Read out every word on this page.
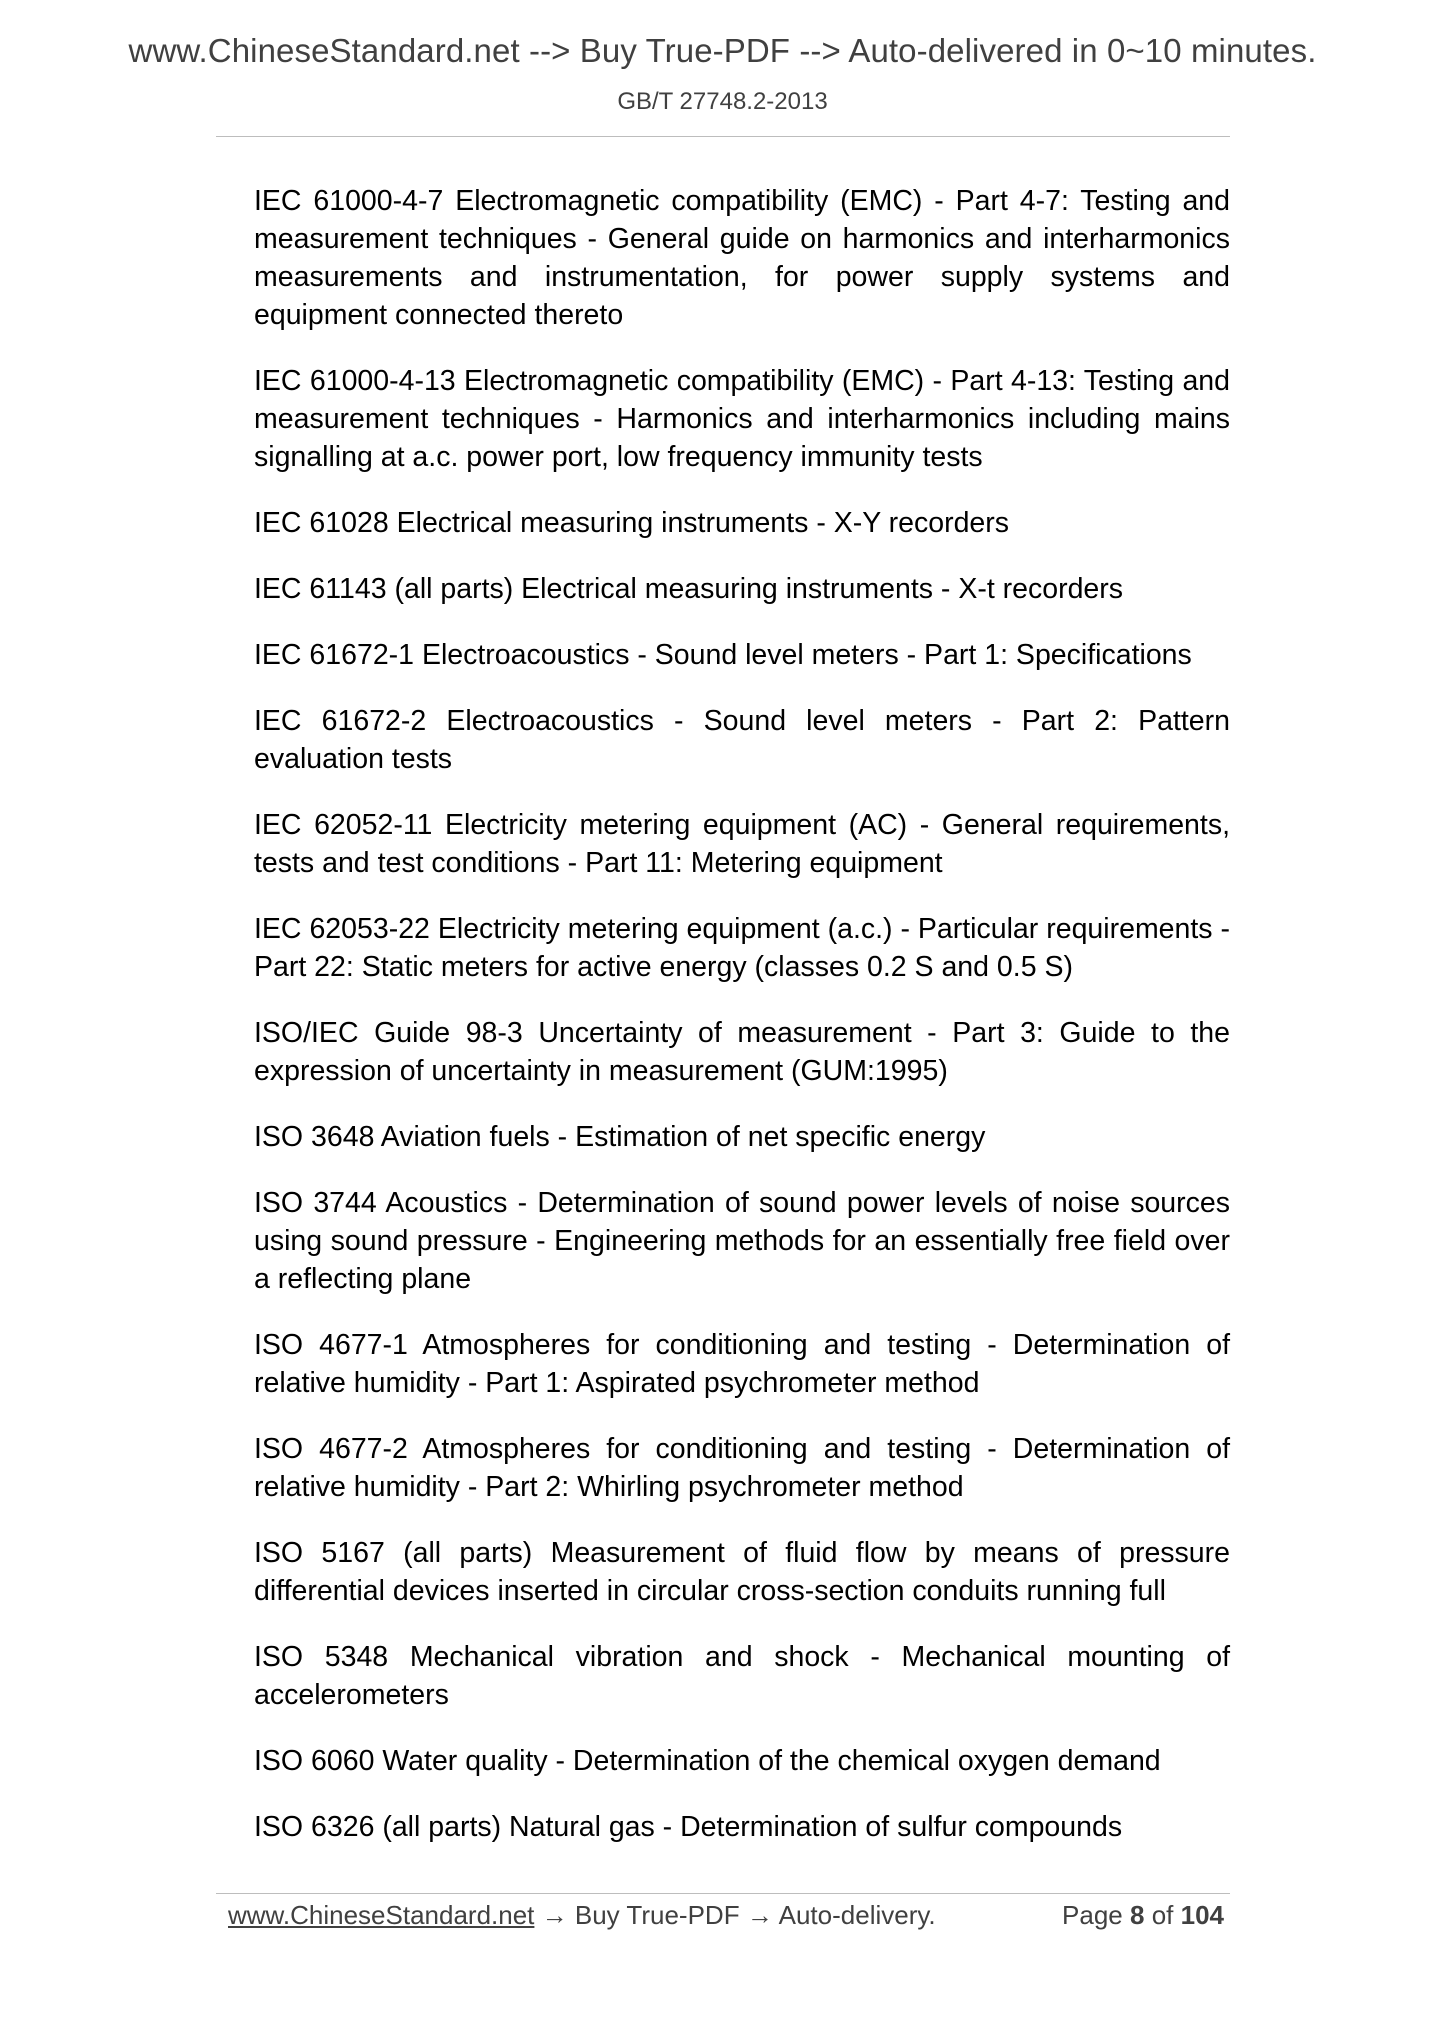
www.ChineseStandard.net --> Buy True-PDF --> Auto-delivered in 0~10 minutes.
GB/T 27748.2-2013

IEC 61000-4-7 Electromagnetic compatibility (EMC) - Part 4-7: Testing and measurement techniques - General guide on harmonics and interharmonics measurements and instrumentation, for power supply systems and equipment connected thereto

IEC 61000-4-13 Electromagnetic compatibility (EMC) - Part 4-13: Testing and measurement techniques - Harmonics and interharmonics including mains signalling at a.c. power port, low frequency immunity tests

IEC 61028 Electrical measuring instruments - X-Y recorders

IEC 61143 (all parts) Electrical measuring instruments - X-t recorders

IEC 61672-1 Electroacoustics - Sound level meters - Part 1: Specifications

IEC 61672-2 Electroacoustics - Sound level meters - Part 2: Pattern evaluation tests

IEC 62052-11 Electricity metering equipment (AC) - General requirements, tests and test conditions - Part 11: Metering equipment

IEC 62053-22 Electricity metering equipment (a.c.) - Particular requirements -Part 22: Static meters for active energy (classes 0.2 S and 0.5 S)

ISO/IEC Guide 98-3 Uncertainty of measurement - Part 3: Guide to the expression of uncertainty in measurement (GUM:1995)

ISO 3648 Aviation fuels - Estimation of net specific energy

ISO 3744 Acoustics - Determination of sound power levels of noise sources using sound pressure - Engineering methods for an essentially free field over a reflecting plane

ISO 4677-1 Atmospheres for conditioning and testing - Determination of relative humidity - Part 1: Aspirated psychrometer method

ISO 4677-2 Atmospheres for conditioning and testing - Determination of relative humidity - Part 2: Whirling psychrometer method

ISO 5167 (all parts) Measurement of fluid flow by means of pressure differential devices inserted in circular cross-section conduits running full

ISO 5348 Mechanical vibration and shock - Mechanical mounting of accelerometers

ISO 6060 Water quality - Determination of the chemical oxygen demand

ISO 6326 (all parts) Natural gas - Determination of sulfur compounds

www.ChineseStandard.net → Buy True-PDF → Auto-delivery.	Page 8 of 104
